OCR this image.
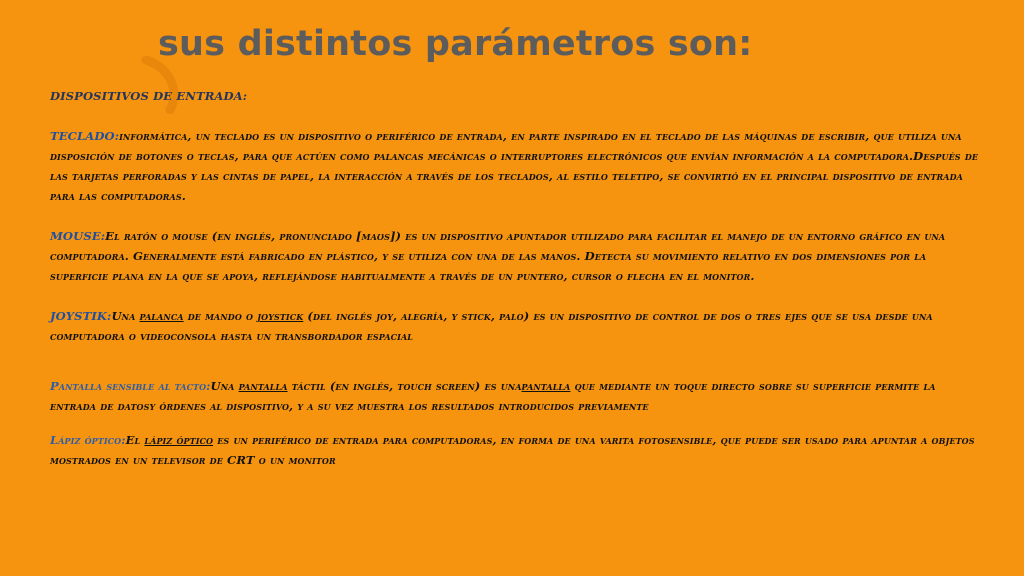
sus distintos parámetros son:
DISPOSITIVOS DE ENTRADA:
TECLADO:informática, un teclado es un dispositivo o periférico de entrada, en parte inspirado en el teclado de las máquinas de escribir, que utiliza una disposición de botones o teclas, para que actúen como palancas mecánicas o interruptores electrónicos que envían información a la computadora.Después de las tarjetas perforadas y las cintas de papel, la interacción a través de los teclados, al estilo teletipo, se convirtió en el principal dispositivo de entrada para las computadoras.
MOUSE:El ratón o mouse (en inglés, pronunciado [maʊs]) es un dispositivo apuntador utilizado para facilitar el manejo de un entorno gráfico en una computadora. Generalmente está fabricado en plástico, y se utiliza con una de las manos. Detecta su movimiento relativo en dos dimensiones por la superficie plana en la que se apoya, reflejándose habitualmente a través de un puntero, cursor o flecha en el monitor.
JOYSTIK:Una palanca de mando o joystick (del inglés joy, alegría, y stick, palo) es un dispositivo de control de dos o tres ejes que se usa desde una computadora o videoconsola hasta un transbordador espacial
Pantalla sensible al tacto:Una pantalla táctil (en inglés, touch screen) es unapantalla que mediante un toque directo sobre su superficie permite la entrada de datosy órdenes al dispositivo, y a su vez muestra los resultados introducidos previamente
Lápiz óptico:El lápiz óptico es un periférico de entrada para computadoras, en forma de una varita fotosensible, que puede ser usado para apuntar a objetos mostrados en un televisor de CRT o un monitor
